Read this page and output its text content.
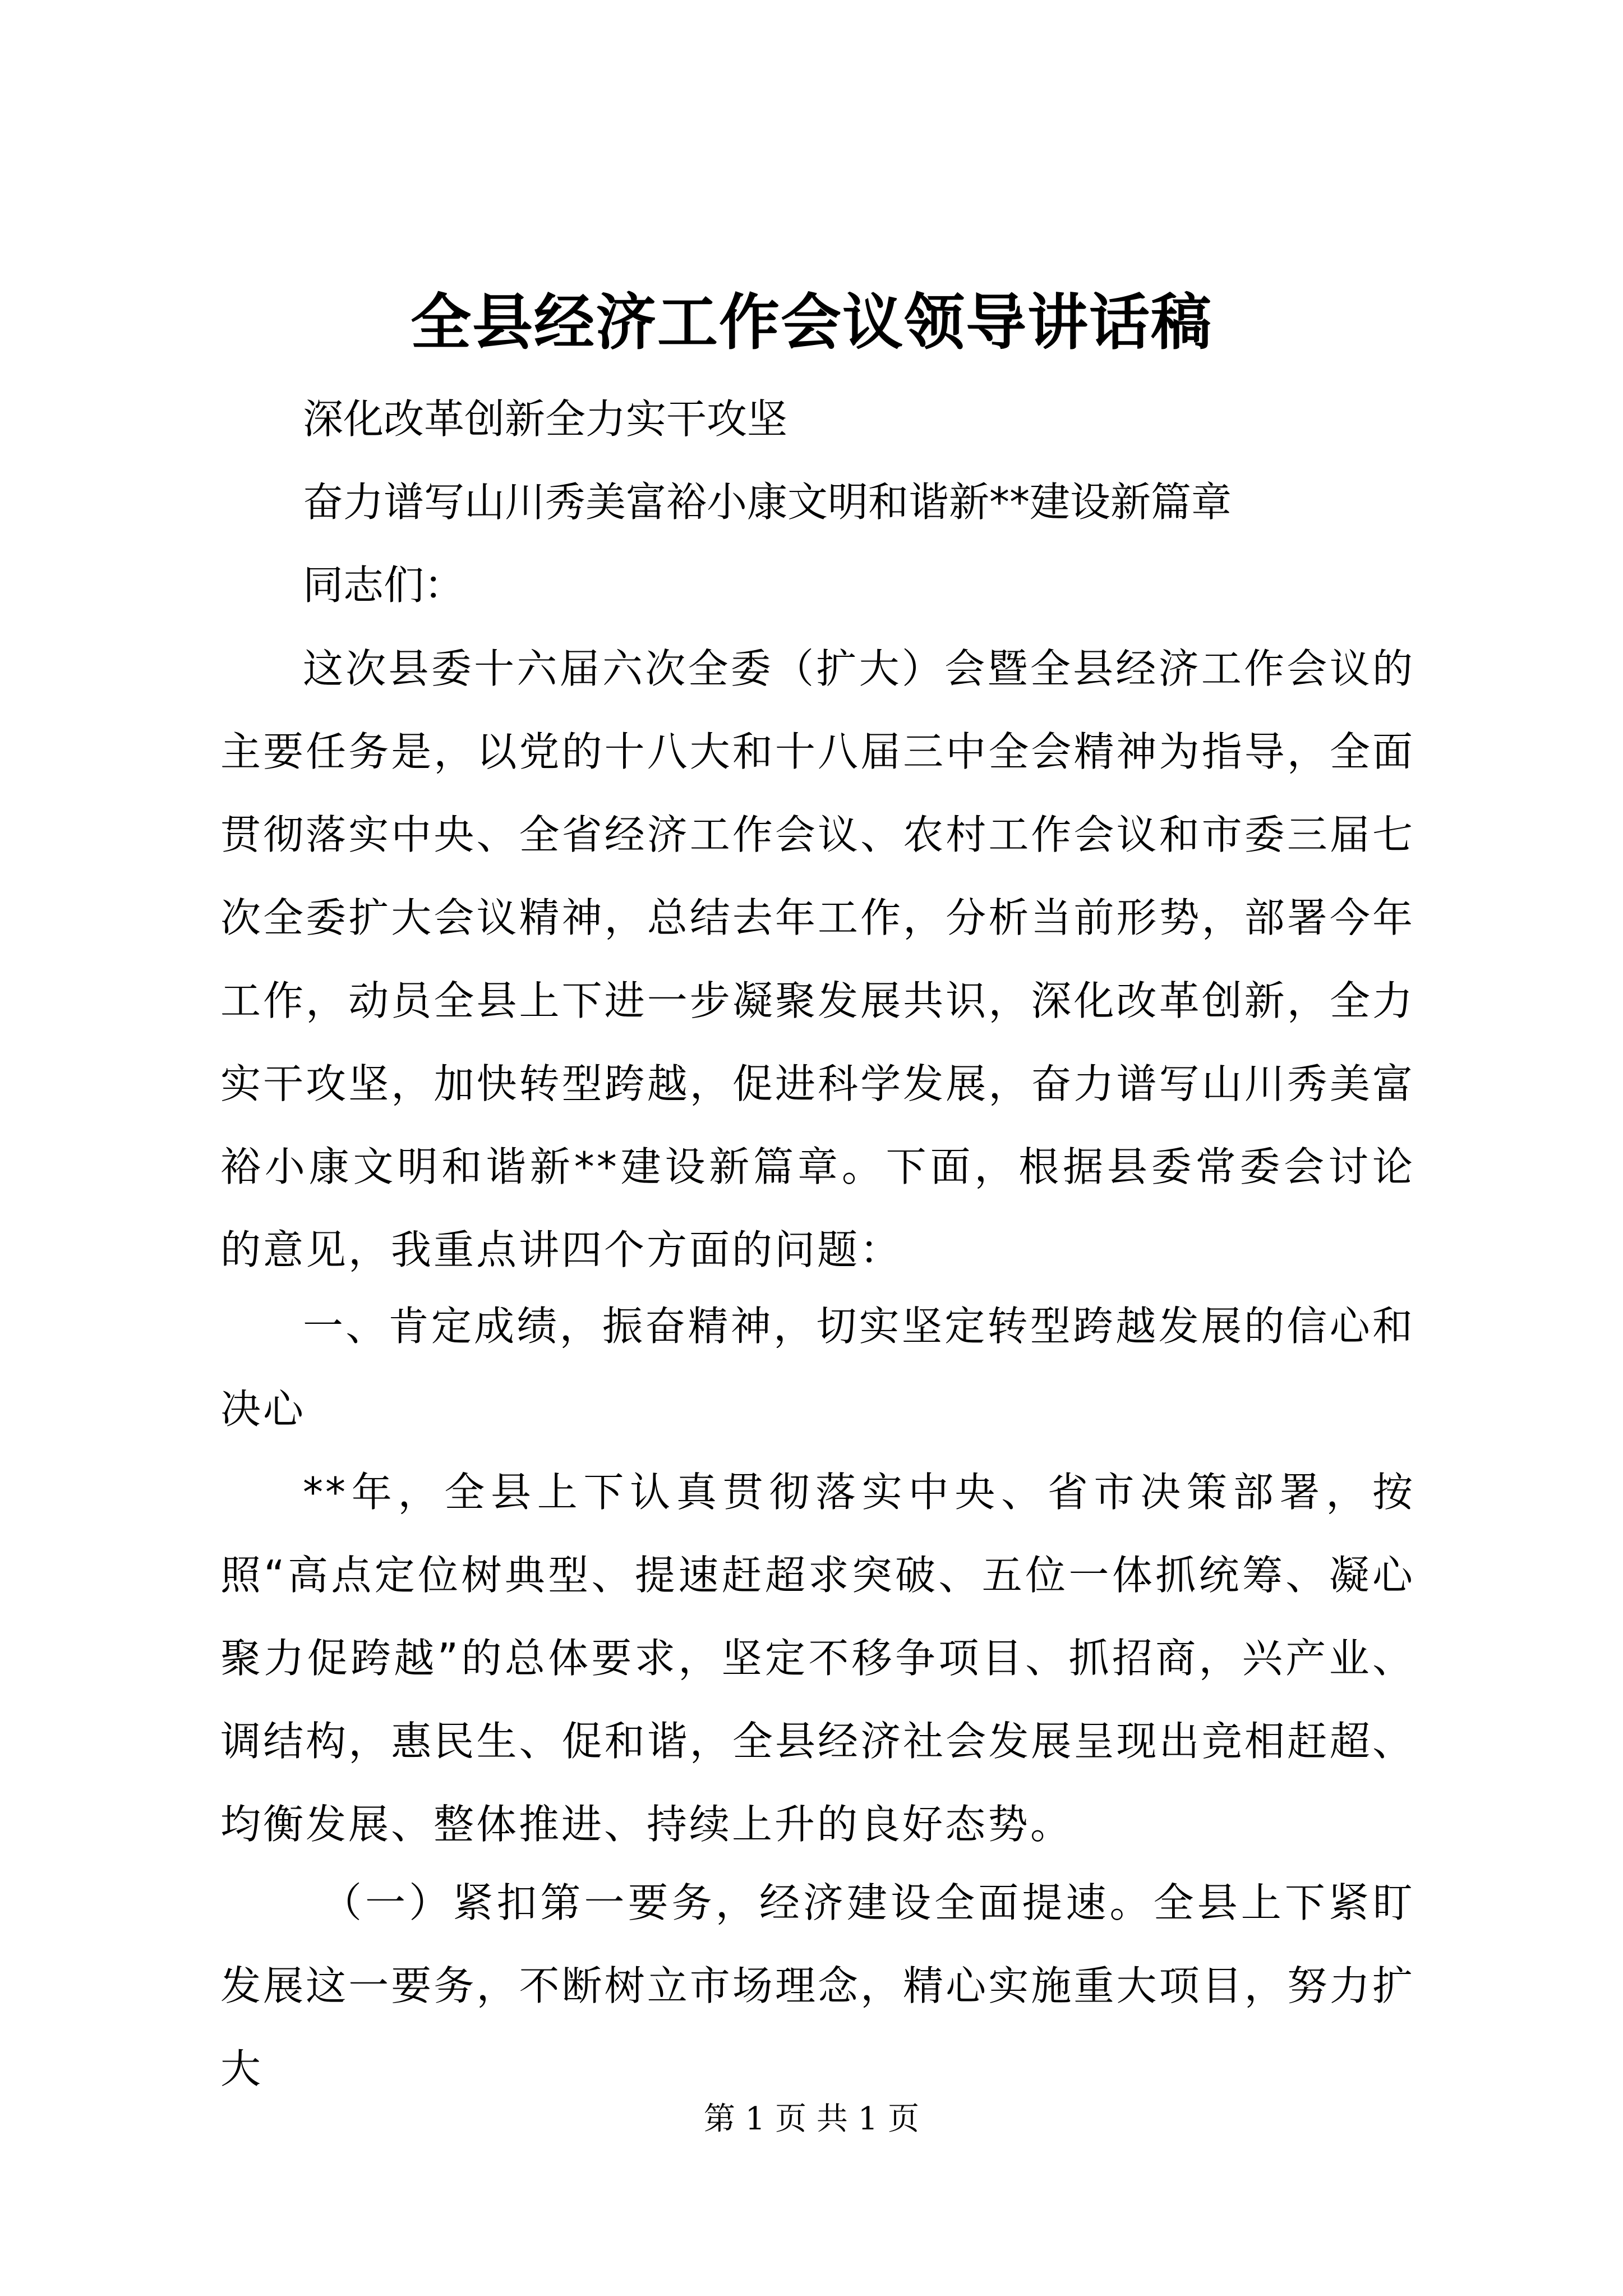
全县经济工作会议领导讲话稿

深化改革创新全力实干攻坚

奋力谱写山川秀美富裕小康文明和谐新**建设新篇章

同志们：

这次县委十六届六次全委（扩大）会暨全县经济工作会议的主要任务是，以党的十八大和十八届三中全会精神为指导，全面贯彻落实中央、全省经济工作会议、农村工作会议和市委三届七次全委扩大会议精神，总结去年工作，分析当前形势，部署今年工作，动员全县上下进一步凝聚发展共识，深化改革创新，全力实干攻坚，加快转型跨越，促进科学发展，奋力谱写山川秀美富裕小康文明和谐新**建设新篇章。下面，根据县委常委会讨论的意见，我重点讲四个方面的问题：

一、肯定成绩，振奋精神，切实坚定转型跨越发展的信心和决心

**年，全县上下认真贯彻落实中央、省市决策部署，按照“高点定位树典型、提速赶超求突破、五位一体抓统筹、凝心聚力促跨越”的总体要求，坚定不移争项目、抓招商，兴产业、调结构，惠民生、促和谐，全县经济社会发展呈现出竞相赶超、均衡发展、整体推进、持续上升的良好态势。

（一）紧扣第一要务，经济建设全面提速。全县上下紧盯发展这一要务，不断树立市场理念，精心实施重大项目，努力扩大

第 1 页 共 1 页
